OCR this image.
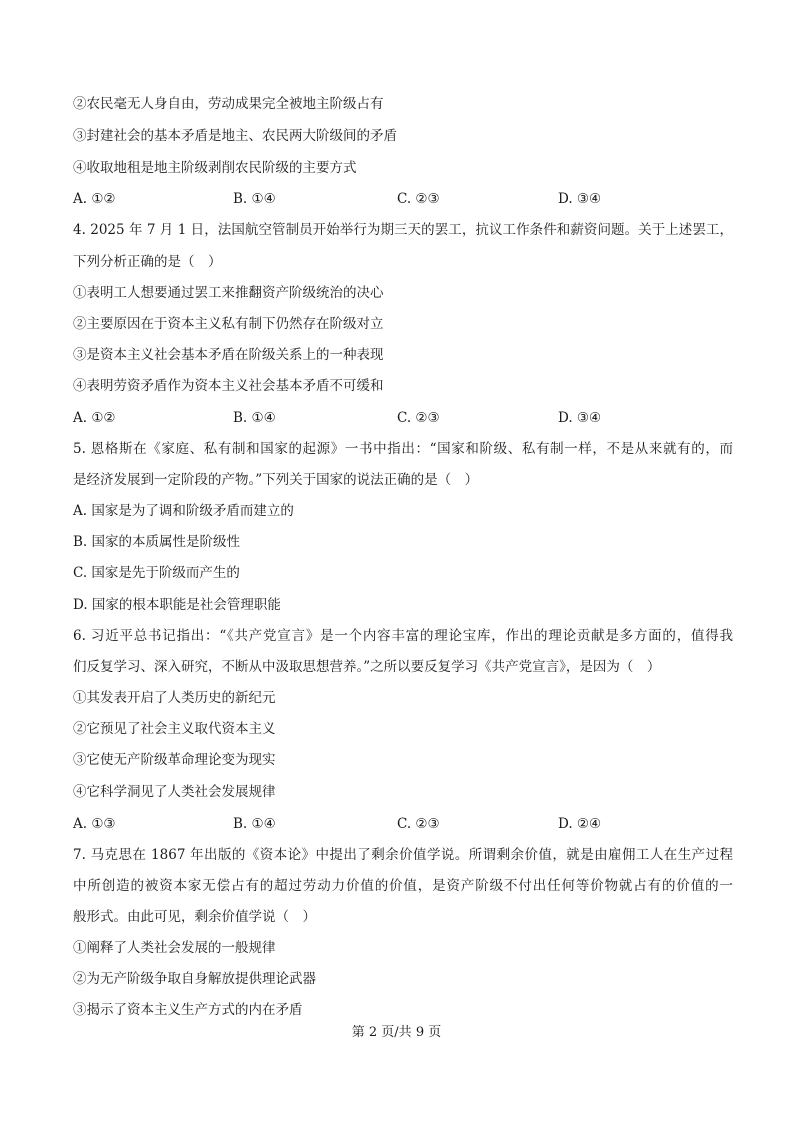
②农民毫无人身自由，劳动成果完全被地主阶级占有
③封建社会的基本矛盾是地主、农民两大阶级间的矛盾
④收取地租是地主阶级剥削农民阶级的主要方式
A. ①②	B. ①④	C. ②③	D. ③④
4. 2025 年 7 月 1 日，法国航空管制员开始举行为期三天的罢工，抗议工作条件和薪资问题。关于上述罢工，
下列分析正确的是（　）
①表明工人想要通过罢工来推翻资产阶级统治的决心
②主要原因在于资本主义私有制下仍然存在阶级对立
③是资本主义社会基本矛盾在阶级关系上的一种表现
④表明劳资矛盾作为资本主义社会基本矛盾不可缓和
A. ①②	B. ①④	C. ②③	D. ③④
5. 恩格斯在《家庭、私有制和国家的起源》一书中指出：“国家和阶级、私有制一样，不是从来就有的，而
是经济发展到一定阶段的产物。”下列关于国家的说法正确的是（　）
A. 国家是为了调和阶级矛盾而建立的
B. 国家的本质属性是阶级性
C. 国家是先于阶级而产生的
D. 国家的根本职能是社会管理职能
6. 习近平总书记指出：“《共产党宣言》是一个内容丰富的理论宝库，作出的理论贡献是多方面的，值得我
们反复学习、深入研究，不断从中汲取思想营养。”之所以要反复学习《共产党宣言》，是因为（　）
①其发表开启了人类历史的新纪元
②它预见了社会主义取代资本主义
③它使无产阶级革命理论变为现实
④它科学洞见了人类社会发展规律
A. ①③	B. ①④	C. ②③	D. ②④
7. 马克思在 1867 年出版的《资本论》中提出了剩余价值学说。所谓剩余价值，就是由雇佣工人在生产过程
中所创造的被资本家无偿占有的超过劳动力价值的价值，是资产阶级不付出任何等价物就占有的价值的一
般形式。由此可见，剩余价值学说（　）
①阐释了人类社会发展的一般规律
②为无产阶级争取自身解放提供理论武器
③揭示了资本主义生产方式的内在矛盾
第 2 页/共 9 页
